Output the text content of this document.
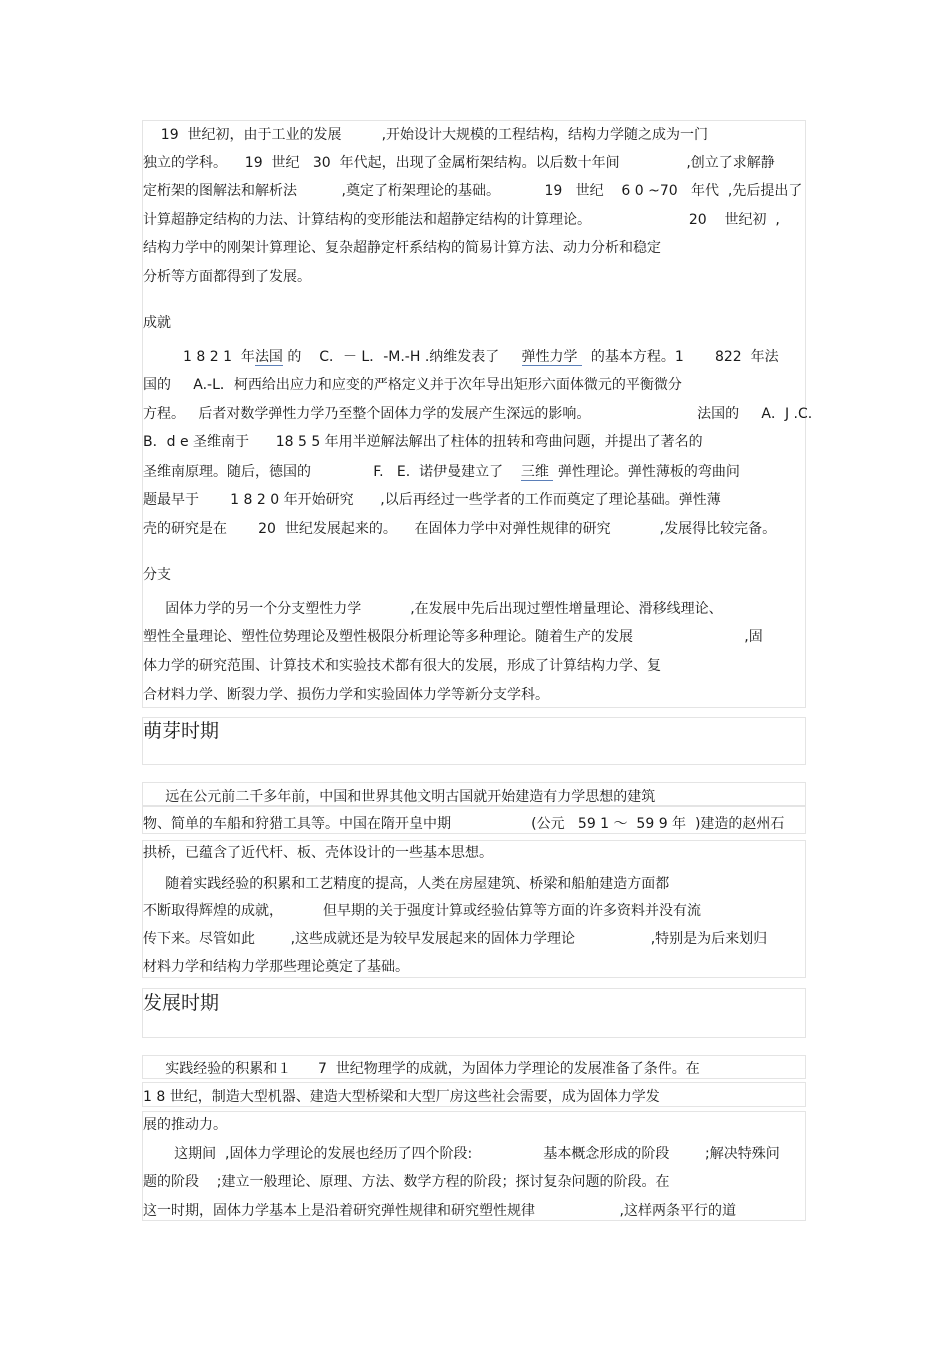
19  世纪初，由于工业的发展         ,开始设计大规模的工程结构，结构力学随之成为一门
独立的学科。    19  世纪   30  年代起，出现了金属桁架结构。以后数十年间               ,创立了求解静
定桁架的图解法和解析法          ,奠定了桁架理论的基础。          19   世纪    6 0 ~70   年代  ,先后提出了
计算超静定结构的力法、计算结构的变形能法和超静定结构的计算理论。                      20    世纪初  ,
结构力学中的刚架计算理论、复杂超静定杆系结构的简易计算方法、动力分析和稳定
分析等方面都得到了发展。
成就
1 8 2 1  年法国 的    C．－ L．-M.-H .纳维发表了     弹性力学   的基本方程。1       822  年法
国的     A.-L．柯西给出应力和应变的严格定义并于次年导出矩形六面体微元的平衡微分
方程。   后者对数学弹性力学乃至整个固体力学的发展产生深远的影响。                        法国的     A．J .C.
B．d e 圣维南于      18 5 5 年用半逆解法解出了柱体的扭转和弯曲问题，并提出了著名的
圣维南原理。随后，德国的              F.   E.  诺伊曼建立了 三维  弹性理论。弹性薄板的弯曲问
题最早于       1 8 2 0 年开始研究      ,以后再经过一些学者的工作而奠定了理论基础。弹性薄
壳的研究是在       20  世纪发展起来的。    在固体力学中对弹性规律的研究           ,发展得比较完备。
分支
固体力学的另一个分支塑性力学           ,在发展中先后出现过塑性增量理论、滑移线理论、
塑性全量理论、塑性位势理论及塑性极限分析理论等多种理论。随着生产的发展                         ,固
体力学的研究范围、计算技术和实验技术都有很大的发展，形成了计算结构力学、复
合材料力学、断裂力学、损伤力学和实验固体力学等新分支学科。
萌芽时期
远在公元前二千多年前，中国和世界其他文明古国就开始建造有力学思想的建筑
物、简单的车船和狩猎工具等。中国在隋开皇中期                  (公元   59 1 ～  59 9 年  )建造的赵州石
拱桥，已蕴含了近代杆、板、壳体设计的一些基本思想。
随着实践经验的积累和工艺精度的提高，人类在房屋建筑、桥梁和船舶建造方面都
不断取得辉煌的成就，         但早期的关于强度计算或经验估算等方面的许多资料并没有流
传下来。尽管如此        ,这些成就还是为较早发展起来的固体力学理论                 ,特别是为后来划归
材料力学和结构力学那些理论奠定了基础。
发展时期
实践经验的积累和１      7  世纪物理学的成就，为固体力学理论的发展准备了条件。在
1 8 世纪，制造大型机器、建造大型桥梁和大型厂房这些社会需要，成为固体力学发
展的推动力。
这期间  ,固体力学理论的发展也经历了四个阶段:                基本概念形成的阶段        ;解决特殊问
题的阶段    ;建立一般理论、原理、方法、数学方程的阶段；探讨复杂问题的阶段。在
这一时期，固体力学基本上是沿着研究弹性规律和研究塑性规律                   ,这样两条平行的道
